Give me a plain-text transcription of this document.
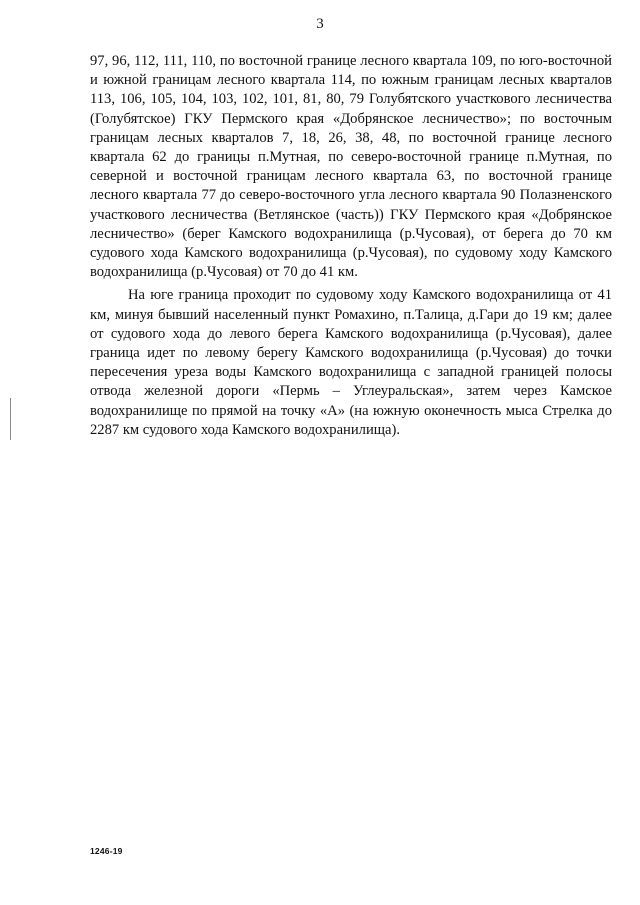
3

97, 96, 112, 111, 110, по восточной границе лесного квартала 109, по юго-восточной и южной границам лесного квартала 114, по южным границам лесных кварталов 113, 106, 105, 104, 103, 102, 101, 81, 80, 79 Голубятского участкового лесничества (Голубятское) ГКУ Пермского края «Добрянское лесничество»; по восточным границам лесных кварталов 7, 18, 26, 38, 48, по восточной границе лесного квартала 62 до границы п.Мутная, по северо-восточной границе п.Мутная, по северной и восточной границам лесного квартала 63, по восточной границе лесного квартала 77 до северо-восточного угла лесного квартала 90 Полазненского участкового лесничества (Ветлянское (часть)) ГКУ Пермского края «Добрянское лесничество» (берег Камского водохранилища (р.Чусовая), от берега до 70 км судового хода Камского водохранилища (р.Чусовая), по судовому ходу Камского водохранилища (р.Чусовая) от 70 до 41 км.

На юге граница проходит по судовому ходу Камского водохранилища от 41 км, минуя бывший населенный пункт Ромахино, п.Талица, д.Гари до 19 км; далее от судового хода до левого берега Камского водохранилища (р.Чусовая), далее граница идет по левому берегу Камского водохранилища (р.Чусовая) до точки пересечения уреза воды Камского водохранилища с западной границей полосы отвода железной дороги «Пермь – Углеуральская», затем через Камское водохранилище по прямой на точку «А» (на южную оконечность мыса Стрелка до 2287 км судового хода Камского водохранилища).

1246-19
